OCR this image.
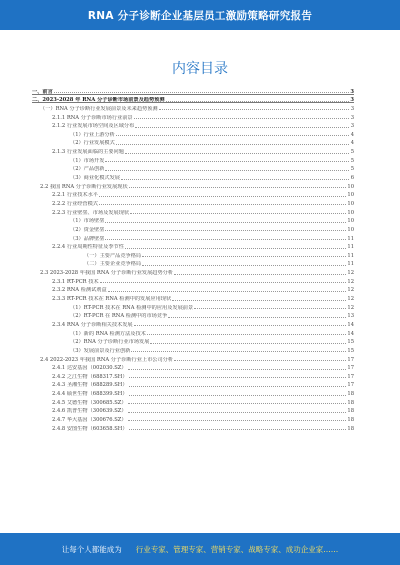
RNA 分子诊断企业基层员工激励策略研究报告
内容目录
一、前言	3
二、2023-2028 年 RNA 分子诊断市场前景及趋势预测	3
（一）RNA 分子诊断行业发展前景及未来趋势预测	3
2.1.1 RNA 分子诊断市场行业前景	3
2.1.2 行业发展市场空间及区域分布	3
（1）行业上游分析	4
（2）行业发展模式	4
2.1.3 行业发展面临的主要问题	5
（1）市场开发	5
（2）产品创新	5
（3）商业化模式发展	6
2.2 我国 RNA 分子诊断行业发展现状	10
2.2.1 行业技术水平	10
2.2.2 行业经营模式	10
2.2.3 行业壁垒、市场及发展现状	10
（1）市场壁垒	10
（2）资金壁垒	10
（3）品牌壁垒	11
2.2.4 行业周期性特征及季节性	11
（一）主要产品竞争格局	11
（二）主要企业竞争格局	11
2.3 2023-2028 年我国 RNA 分子诊断行业发展趋势分析	12
2.3.1 RT-PCR 技术	12
2.3.2 RNA 检测试剂盒	12
2.3.3 RT-PCR 技术在 RNA 检测中的发展应用现状	12
（1）RT-PCR 技术在 RNA 检测中的应用及发展前景	12
（2）RT-PCR 在 RNA 检测中的市场竞争	13
2.3.4 RNA 分子诊断相关技术发展	14
（1）新的 RNA 检测方法及技术	14
（2）RNA 分子诊断行业市场发展	15
（3）发展前景及行业创新	15
2.4 2022-2023 年我国 RNA 分子诊断行业上市公司分析	17
2.4.1 达安基因（002030.SZ）	17
2.4.2 之江生物（688317.SH）	17
2.4.3 圣湘生物（688289.SH）	17
2.4.4 硕世生物（688399.SH）	18
2.4.5 艾德生物（300685.SZ）	18
2.4.6 凯普生物（300639.SZ）	18
2.4.7 华大基因（300676.SZ）	18
2.4.8 安图生物（603658.SH）	18
让每个人都能成为 行业专家、管理专家、营销专家、战略专家、成功企业家……
